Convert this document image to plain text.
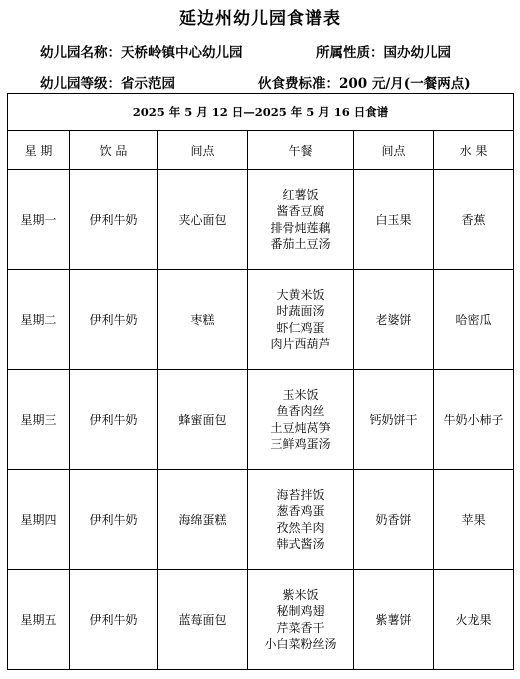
延边州幼儿园食谱表
幼儿园名称：天桥岭镇中心幼儿园	所属性质：国办幼儿园
幼儿园等级：省示范园	伙食费标准：200 元/月(一餐两点)
2025 年 5 月 12 日—2025 年 5 月 16 日食谱					
星 期	饮 品	间点	午餐	间点	水 果
星期一	伊利牛奶	夹心面包	红薯饭
酱香豆腐
排骨炖莲藕
番茄土豆汤	白玉果	香蕉
星期二	伊利牛奶	枣糕	大黄米饭
时蔬面汤
虾仁鸡蛋
肉片西葫芦	老婆饼	哈密瓜
星期三	伊利牛奶	蜂蜜面包	玉米饭
鱼香肉丝
土豆炖莴笋
三鲜鸡蛋汤	钙奶饼干	牛奶小柿子
星期四	伊利牛奶	海绵蛋糕	海苔拌饭
葱香鸡蛋
孜然羊肉
韩式酱汤	奶香饼	苹果
星期五	伊利牛奶	蓝莓面包	紫米饭
秘制鸡翅
芹菜香干
小白菜粉丝汤	紫薯饼	火龙果
